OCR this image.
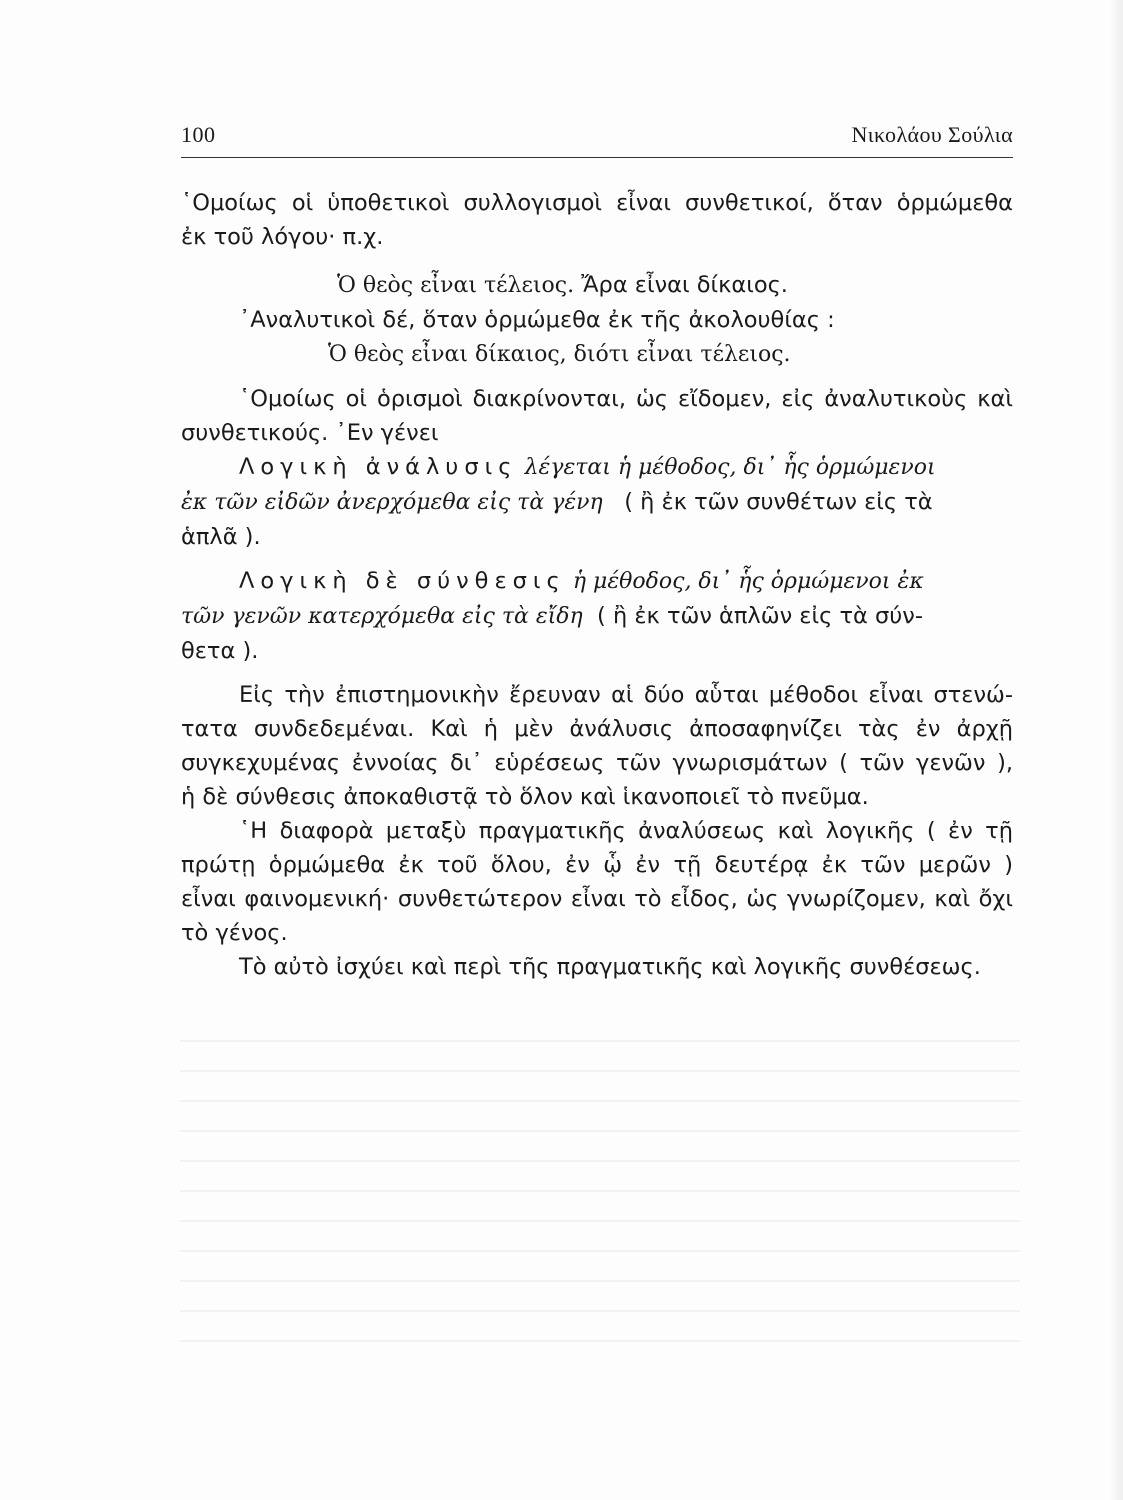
100	Νικολάου Σούλια
῾Ομοίως οἱ ὑποθετικοὶ συλλογισμοὶ εἶναι συνθετικοί, ὅταν ὁρμώμεθα
ἐκ τοῦ λόγου· π.χ.
Ὁ θεὸς εἶναι τέλειος. Ἄρα εἶναι δίκαιος.
᾿Αναλυτικοὶ δέ, ὅταν ὁρμώμεθα ἐκ τῆς ἀκολουθίας :
Ὁ θεὸς εἶναι δίκαιος, διότι εἶναι τέλειος.
῾Ομοίως οἱ ὁρισμοὶ διακρίνονται, ὡς εἴδομεν, εἰς ἀναλυτικοὺς καὶ
συνθετικούς. ᾿Εν γένει
Λογικὴ ἀνάλυσις λέγεται ἡ μέθοδος, δι᾿ ἧς ὁρμώμενοι
ἐκ τῶν εἰδῶν ἀνερχόμεθα εἰς τὰ γένη ( ἢ ἐκ τῶν συνθέτων εἰς τὰ
ἁπλᾶ ).
Λογικὴ δὲ σύνθεσις ἡ μέθοδος, δι᾿ ἧς ὁρμώμενοι ἐκ
τῶν γενῶν κατερχόμεθα εἰς τὰ εἴδη ( ἢ ἐκ τῶν ἁπλῶν εἰς τὰ σύν-
θετα ).
Εἰς τὴν ἐπιστημονικὴν ἔρευναν αἱ δύο αὗται μέθοδοι εἶναι στενώ-
τατα συνδεδεμέναι. Καὶ ἡ μὲν ἀνάλυσις ἀποσαφηνίζει τὰς ἐν ἀρχῇ
συγκεχυμένας ἐννοίας δι᾿ εὑρέσεως τῶν γνωρισμάτων ( τῶν γενῶν ),
ἡ δὲ σύνθεσις ἀποκαθιστᾷ τὸ ὅλον καὶ ἱκανοποιεῖ τὸ πνεῦμα.
῾Η διαφορὰ μεταξὺ πραγματικῆς ἀναλύσεως καὶ λογικῆς ( ἐν τῇ
πρώτῃ ὁρμώμεθα ἐκ τοῦ ὅλου, ἐν ᾧ ἐν τῇ δευτέρᾳ ἐκ τῶν μερῶν )
εἶναι φαινομενική· συνθετώτερον εἶναι τὸ εἶδος, ὡς γνωρίζομεν, καὶ ὄχι
τὸ γένος.
Τὸ αὐτὸ ἰσχύει καὶ περὶ τῆς πραγματικῆς καὶ λογικῆς συνθέσεως.
